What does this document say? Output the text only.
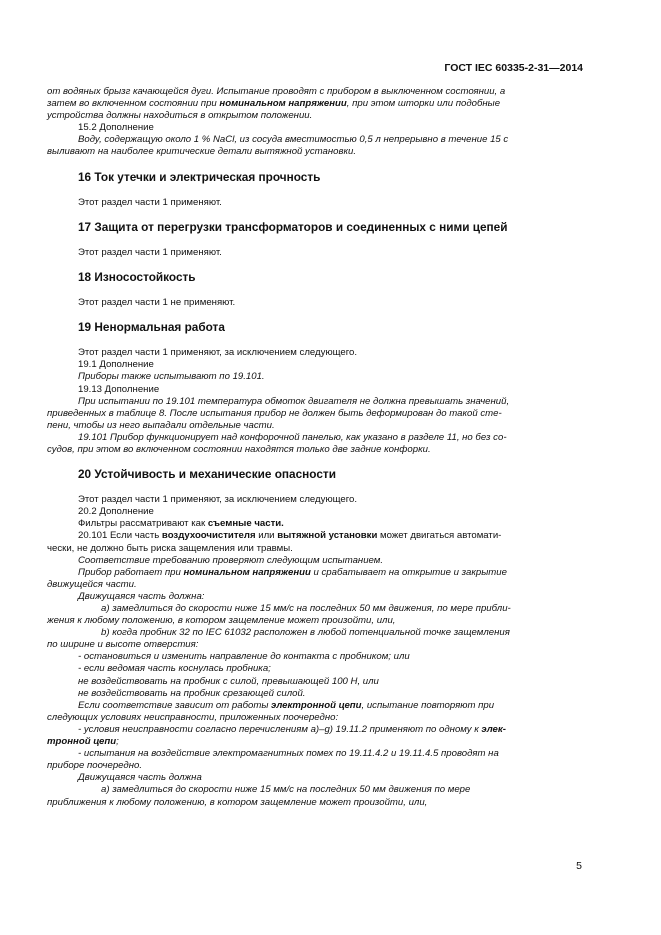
ГОСТ IEC 60335-2-31—2014

от водяных брызг качающейся дуги. Испытание проводят с прибором в выключенном состоянии, а

затем во включенном состоянии при номинальном напряжении, при этом шторки или подобные

устройства должны находиться в открытом положении.

15.2 Дополнение

Воду, содержащую около 1 % NaCl, из сосуда вместимостью 0,5 л непрерывно в течение 15 с

выливают на наиболее критические детали вытяжной установки.

16 Ток утечки и электрическая прочность

Этот раздел части 1 применяют.

17 Защита от перегрузки трансформаторов и соединенных с ними цепей

Этот раздел части 1 применяют.

18 Износостойкость

Этот раздел части 1 не применяют.

19 Ненормальная работа

Этот раздел части 1 применяют, за исключением следующего.

19.1 Дополнение

Приборы также испытывают по 19.101.

19.13 Дополнение

При испытании по 19.101 температура обмоток двигателя не должна превышать значений,

приведенных в таблице 8. После испытания прибор не должен быть деформирован до такой сте-

пени, чтобы из него выпадали отдельные части.

19.101 Прибор функционирует над конфорочной панелью, как указано в разделе 11, но без со-

судов, при этом во включенном состоянии находятся только две задние конфорки.

20 Устойчивость и механические опасности

Этот раздел части 1 применяют, за исключением следующего.

20.2 Дополнение

Фильтры рассматривают как съемные части.

20.101 Если часть воздухоочистителя или вытяжной установки может двигаться автомати-

чески, не должно быть риска защемления или травмы.

Соответствие требованию проверяют следующим испытанием.

Прибор работает при номинальном напряжении и срабатывает на открытие и закрытие

движущейся части.

Движущаяся часть должна:

а) замедлиться до скорости ниже 15 мм/с на последних 50 мм движения, по мере прибли-

жения к любому положению, в котором защемление может произойти, или,

b) когда пробник 32 по IEC 61032 расположен в любой потенциальной точке защемления

по ширине и высоте отверстия:

- остановиться и изменить направление до контакта с пробником; или

- если ведомая часть коснулась пробника;

не воздействовать на пробник с силой, превышающей 100 Н, или

не воздействовать на пробник срезающей силой.

Если соответствие зависит от работы электронной цепи, испытание повторяют при

следующих условиях неисправности, приложенных поочередно:

- условия неисправности согласно перечислениям а)–g) 19.11.2 применяют по одному к элек-

тронной цепи;

- испытания на воздействие электромагнитных помех по 19.11.4.2 и 19.11.4.5 проводят на

приборе поочередно.

Движущаяся часть должна

а) замедлиться до скорости ниже 15 мм/с на последних 50 мм движения по мере

приближения к любому положению, в котором защемление может произойти, или,

5
